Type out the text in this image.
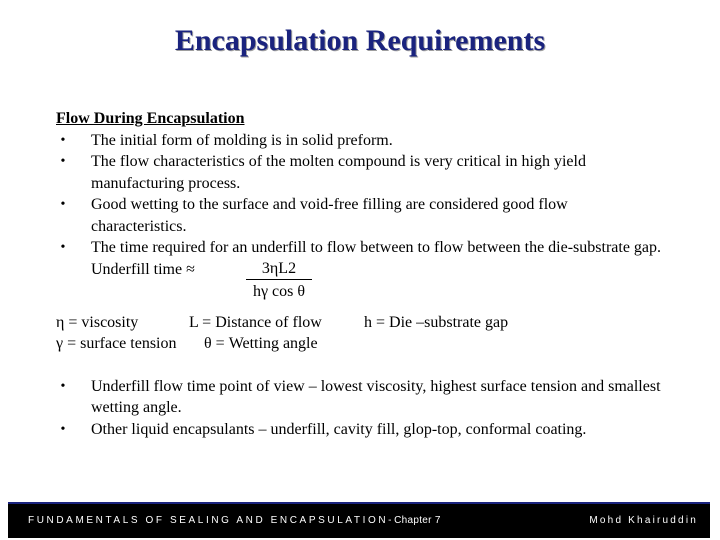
Encapsulation Requirements
Flow During Encapsulation
• The initial form of molding is in solid preform.
• The flow characteristics of the molten compound is very critical in high yield manufacturing process.
• Good wetting to the surface and void-free filling are considered good flow characteristics.
• The time required for an underfill to flow between to flow between the die-substrate gap.
Underfill time ≈	3ηL2
hγ cos θ
η = viscosity	L = Distance of flow	h = Die –substrate gap
γ = surface tension θ = Wetting angle
• Underfill flow time point of view – lowest viscosity, highest surface tension and smallest wetting angle.
• Other liquid encapsulants – underfill, cavity fill, glop-top, conformal coating.
FUNDAMENTALS OF SEALING AND ENCAPSULATION-Chapter 7	Mohd Khairuddin
